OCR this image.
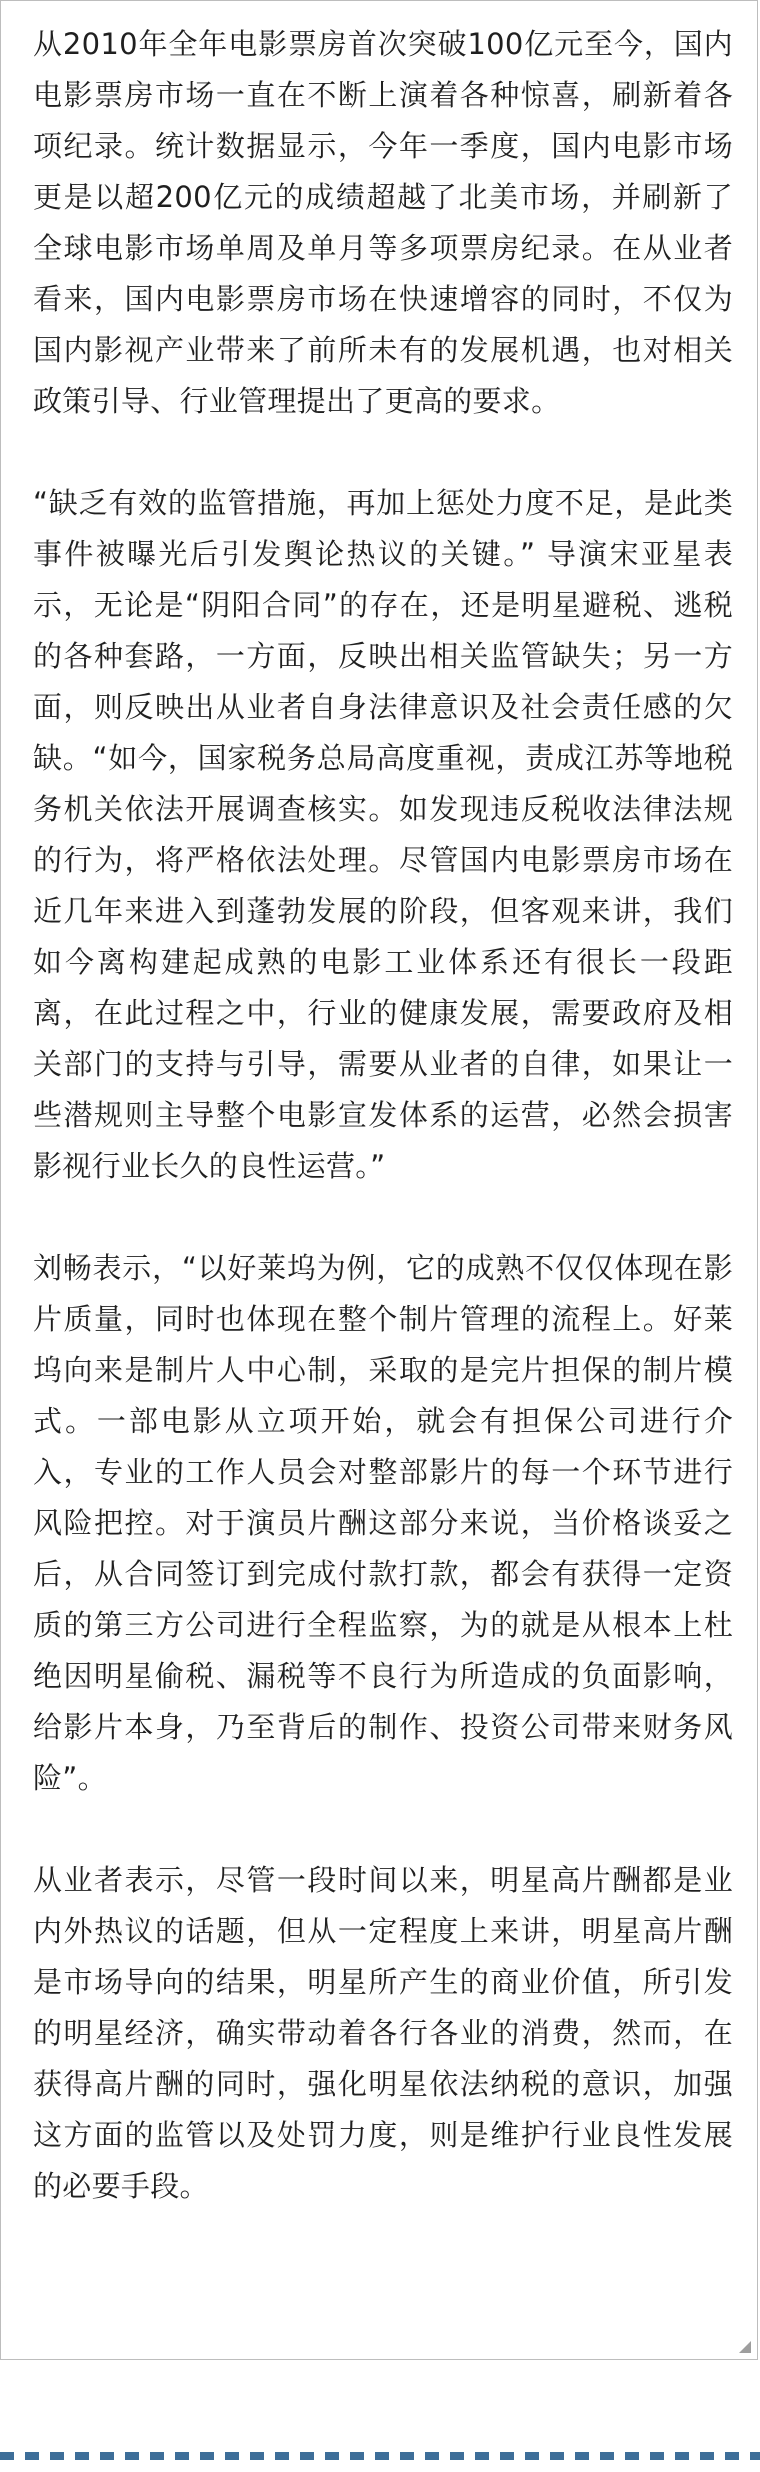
从2010年全年电影票房首次突破100亿元至今，国内电影票房市场一直在不断上演着各种惊喜，刷新着各项纪录。统计数据显示，今年一季度，国内电影市场更是以超200亿元的成绩超越了北美市场，并刷新了全球电影市场单周及单月等多项票房纪录。在从业者看来，国内电影票房市场在快速增容的同时，不仅为国内影视产业带来了前所未有的发展机遇，也对相关政策引导、行业管理提出了更高的要求。

“缺乏有效的监管措施，再加上惩处力度不足，是此类事件被曝光后引发舆论热议的关键。” 导演宋亚星表示，无论是“阴阳合同”的存在，还是明星避税、逃税的各种套路，一方面，反映出相关监管缺失；另一方面，则反映出从业者自身法律意识及社会责任感的欠缺。“如今，国家税务总局高度重视，责成江苏等地税务机关依法开展调查核实。如发现违反税收法律法规的行为，将严格依法处理。尽管国内电影票房市场在近几年来进入到蓬勃发展的阶段，但客观来讲，我们如今离构建起成熟的电影工业体系还有很长一段距离，在此过程之中，行业的健康发展，需要政府及相关部门的支持与引导，需要从业者的自律，如果让一些潜规则主导整个电影宣发体系的运营，必然会损害影视行业长久的良性运营。”

刘畅表示，“以好莱坞为例，它的成熟不仅仅体现在影片质量，同时也体现在整个制片管理的流程上。好莱坞向来是制片人中心制，采取的是完片担保的制片模式。一部电影从立项开始，就会有担保公司进行介入，专业的工作人员会对整部影片的每一个环节进行风险把控。对于演员片酬这部分来说，当价格谈妥之后，从合同签订到完成付款打款，都会有获得一定资质的第三方公司进行全程监察，为的就是从根本上杜绝因明星偷税、漏税等不良行为所造成的负面影响，给影片本身，乃至背后的制作、投资公司带来财务风险”。

从业者表示，尽管一段时间以来，明星高片酬都是业内外热议的话题，但从一定程度上来讲，明星高片酬是市场导向的结果，明星所产生的商业价值，所引发的明星经济，确实带动着各行各业的消费，然而，在获得高片酬的同时，强化明星依法纳税的意识，加强这方面的监管以及处罚力度，则是维护行业良性发展的必要手段。
